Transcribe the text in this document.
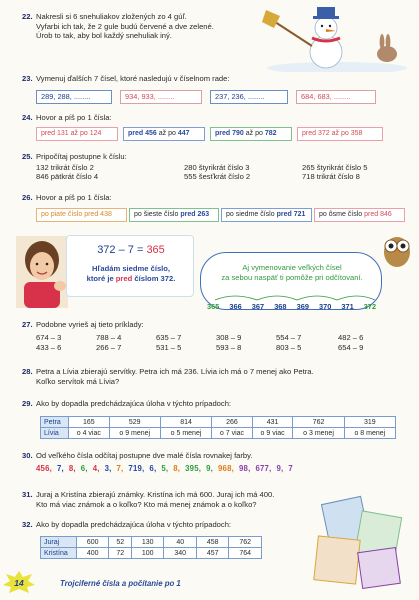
22. Nakresli si 6 snehuliakov zložených zo 4 gúľ.
Vyfarbi ich tak, že 2 gule budú červené a dve zelené.
Úrob to tak, aby bol každý snehuliak iný.
23. Vymenuj ďalších 7 čísel, ktoré nasledujú v číselnom rade:
289, 288, ........	934, 933, ........	237, 236, ........	684, 683, ........
24. Hovor a píš po 1 čísla:
pred 131 až po 124	pred 456 až po 447	pred 790 až po 782	pred 372 až po 358
25. Pripočítaj postupne k číslu:
132 trikrát číslo 2	280 štyrikrát číslo 3	265 štyrikrát číslo 5
846 pätkrát číslo 4	555 šesťkrát číslo 2	718 trikrát číslo 8
26. Hovor a píš po 1 čísla:
po piate číslo pred 438	po šieste číslo pred 263	po siedme číslo pred 721	po ôsme číslo pred 846
372 – 7 = 365
Hľadám siedme číslo,
ktoré je pred číslom 372.
Aj vymenovanie veľkých čísel
za sebou naspäť ti pomôže pri odčítovaní.
365 366 367 368 369 370 371 372
27. Podobne vyrieš aj tieto príklady:
674 – 3	788 – 4	635 – 7	308 – 9	554 – 7	482 – 6
433 – 6	266 – 7	531 – 5	593 – 8	803 – 5	654 – 9
28. Petra a Lívia zbierajú servítky. Petra ich má 236. Lívia ich má o 7 menej ako Petra.
Koľko servítok má Lívia?
29. Ako by dopadla predchádzajúca úloha v týchto prípadoch:
Petra	165	529	814	266	431	762	319
Lívia	o 4 viac	o 9 menej	o 5 menej	o 7 viac	o 9 viac	o 3 menej	o 8 menej
30. Od veľkého čísla odčítaj postupne dve malé čísla rovnakej farby.
456, 7, 8, 6, 4, 3, 7, 719, 6, 5, 8, 395, 9, 968, 98, 677, 9, 7
31. Juraj a Kristína zbierajú známky. Kristína ich má 600. Juraj ich má 400.
Kto má viac známok a o koľko? Kto má menej známok a o koľko?
32. Ako by dopadla predchádzajúca úloha v týchto prípadoch:
Juraj	600	52	130	40	458	762
Kristína	400	72	100	340	457	764
14	Trojciferné čísla a počítanie po 1
